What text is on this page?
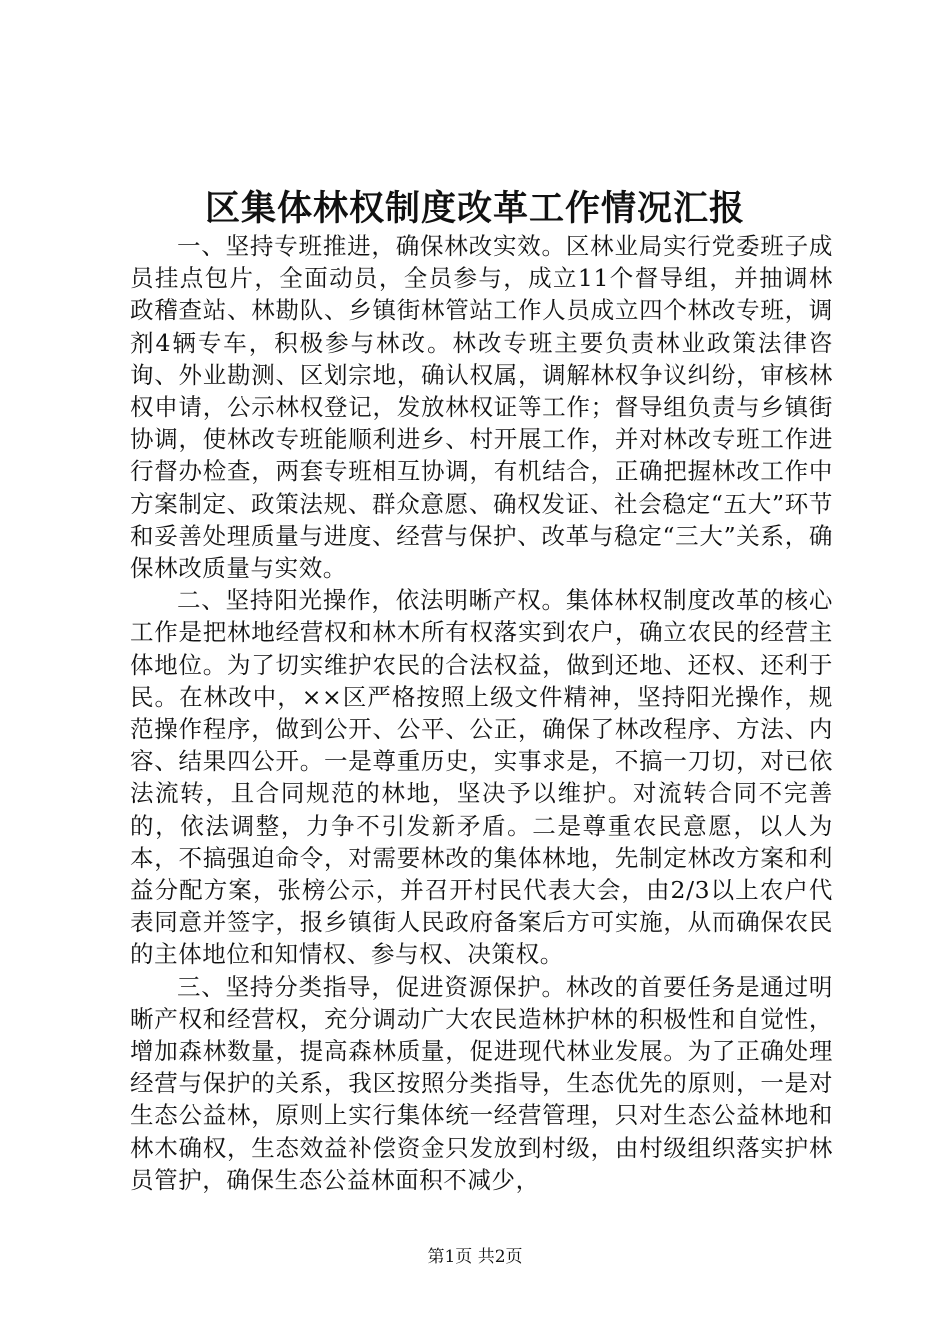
区集体林权制度改革工作情况汇报

一、坚持专班推进，确保林改实效。区林业局实行党委班子成员挂点包片，全面动员，全员参与，成立11个督导组，并抽调林政稽查站、林勘队、乡镇街林管站工作人员成立四个林改专班，调剂4辆专车，积极参与林改。林改专班主要负责林业政策法律咨询、外业勘测、区划宗地，确认权属，调解林权争议纠纷，审核林权申请，公示林权登记，发放林权证等工作；督导组负责与乡镇街协调，使林改专班能顺利进乡、村开展工作，并对林改专班工作进行督办检查，两套专班相互协调，有机结合，正确把握林改工作中方案制定、政策法规、群众意愿、确权发证、社会稳定“五大”环节和妥善处理质量与进度、经营与保护、改革与稳定“三大”关系，确保林改质量与实效。

二、坚持阳光操作，依法明晰产权。集体林权制度改革的核心工作是把林地经营权和林木所有权落实到农户，确立农民的经营主体地位。为了切实维护农民的合法权益，做到还地、还权、还利于民。在林改中，××区严格按照上级文件精神，坚持阳光操作，规范操作程序，做到公开、公平、公正，确保了林改程序、方法、内容、结果四公开。一是尊重历史，实事求是，不搞一刀切，对已依法流转，且合同规范的林地，坚决予以维护。对流转合同不完善的，依法调整，力争不引发新矛盾。二是尊重农民意愿，以人为本，不搞强迫命令，对需要林改的集体林地，先制定林改方案和利益分配方案，张榜公示，并召开村民代表大会，由2/3以上农户代表同意并签字，报乡镇街人民政府备案后方可实施，从而确保农民的主体地位和知情权、参与权、决策权。

三、坚持分类指导，促进资源保护。林改的首要任务是通过明晰产权和经营权，充分调动广大农民造林护林的积极性和自觉性，增加森林数量，提高森林质量，促进现代林业发展。为了正确处理经营与保护的关系，我区按照分类指导，生态优先的原则，一是对生态公益林，原则上实行集体统一经营管理，只对生态公益林地和林木确权，生态效益补偿资金只发放到村级，由村级组织落实护林员管护，确保生态公益林面积不减少，

第1页 共2页
